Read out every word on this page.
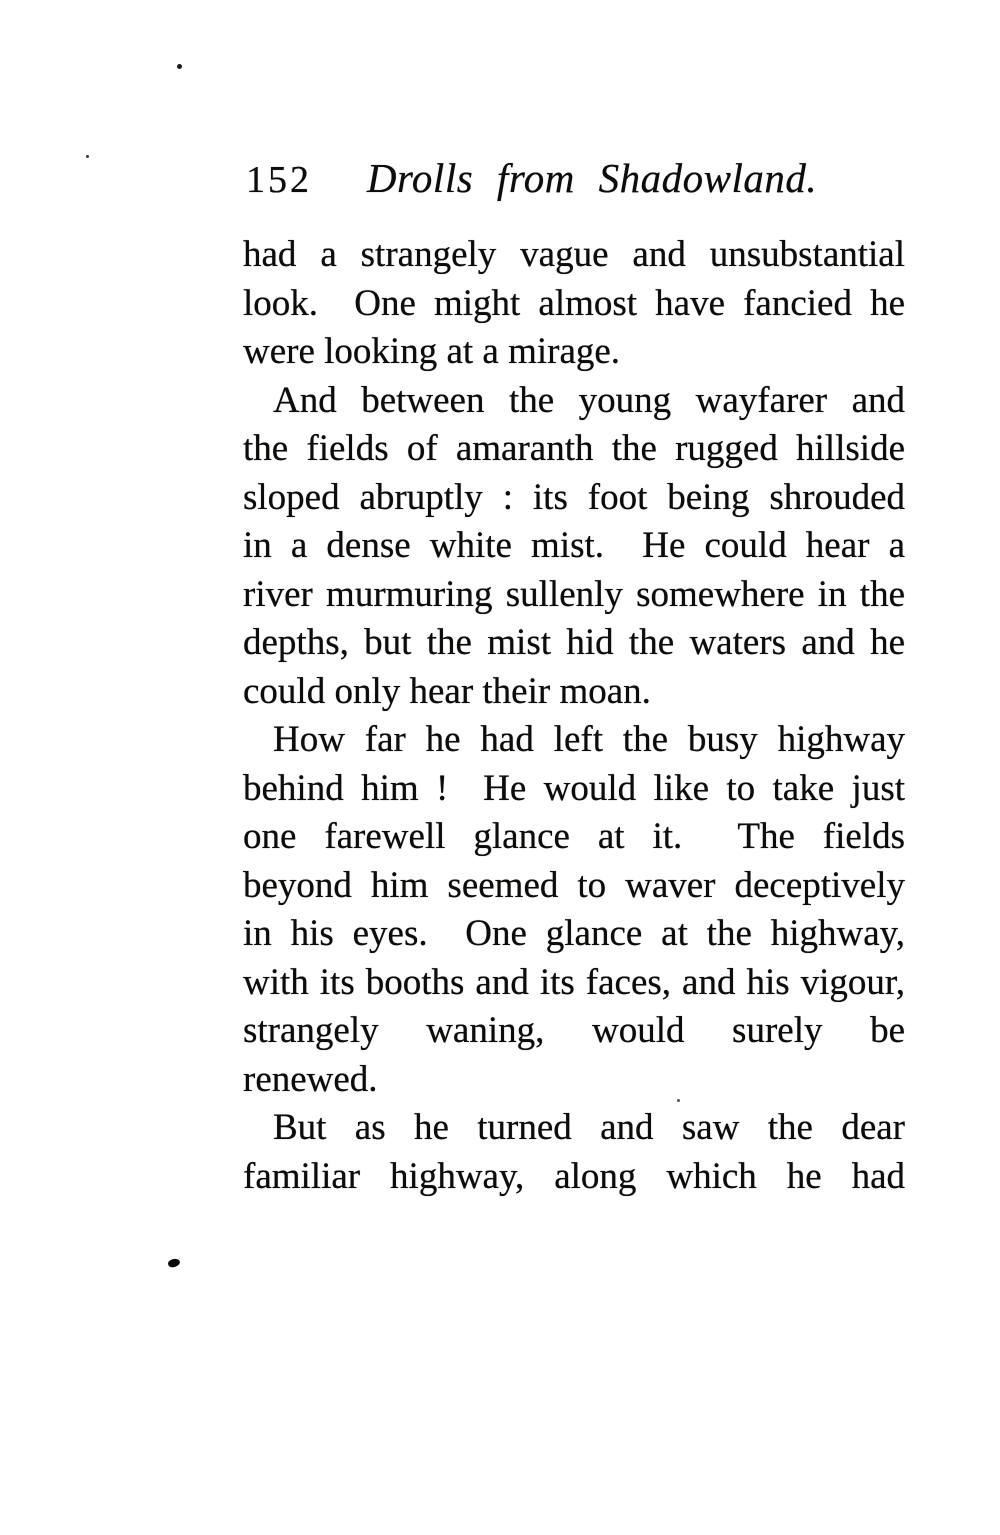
152	Drolls from Shadowland.
had a strangely vague and unsubstantial
look.  One might almost have fancied he
were looking at a mirage.
And between the young wayfarer and
the fields of amaranth the rugged hillside
sloped abruptly : its foot being shrouded
in a dense white mist.  He could hear a
river murmuring sullenly somewhere in the
depths, but the mist hid the waters and he
could only hear their moan.
How far he had left the busy highway
behind him !  He would like to take just
one farewell glance at it.  The fields
beyond him seemed to waver deceptively
in his eyes.  One glance at the highway,
with its booths and its faces, and his vigour,
strangely waning, would surely be
renewed.
But as he turned and saw the dear
familiar highway, along which he had
